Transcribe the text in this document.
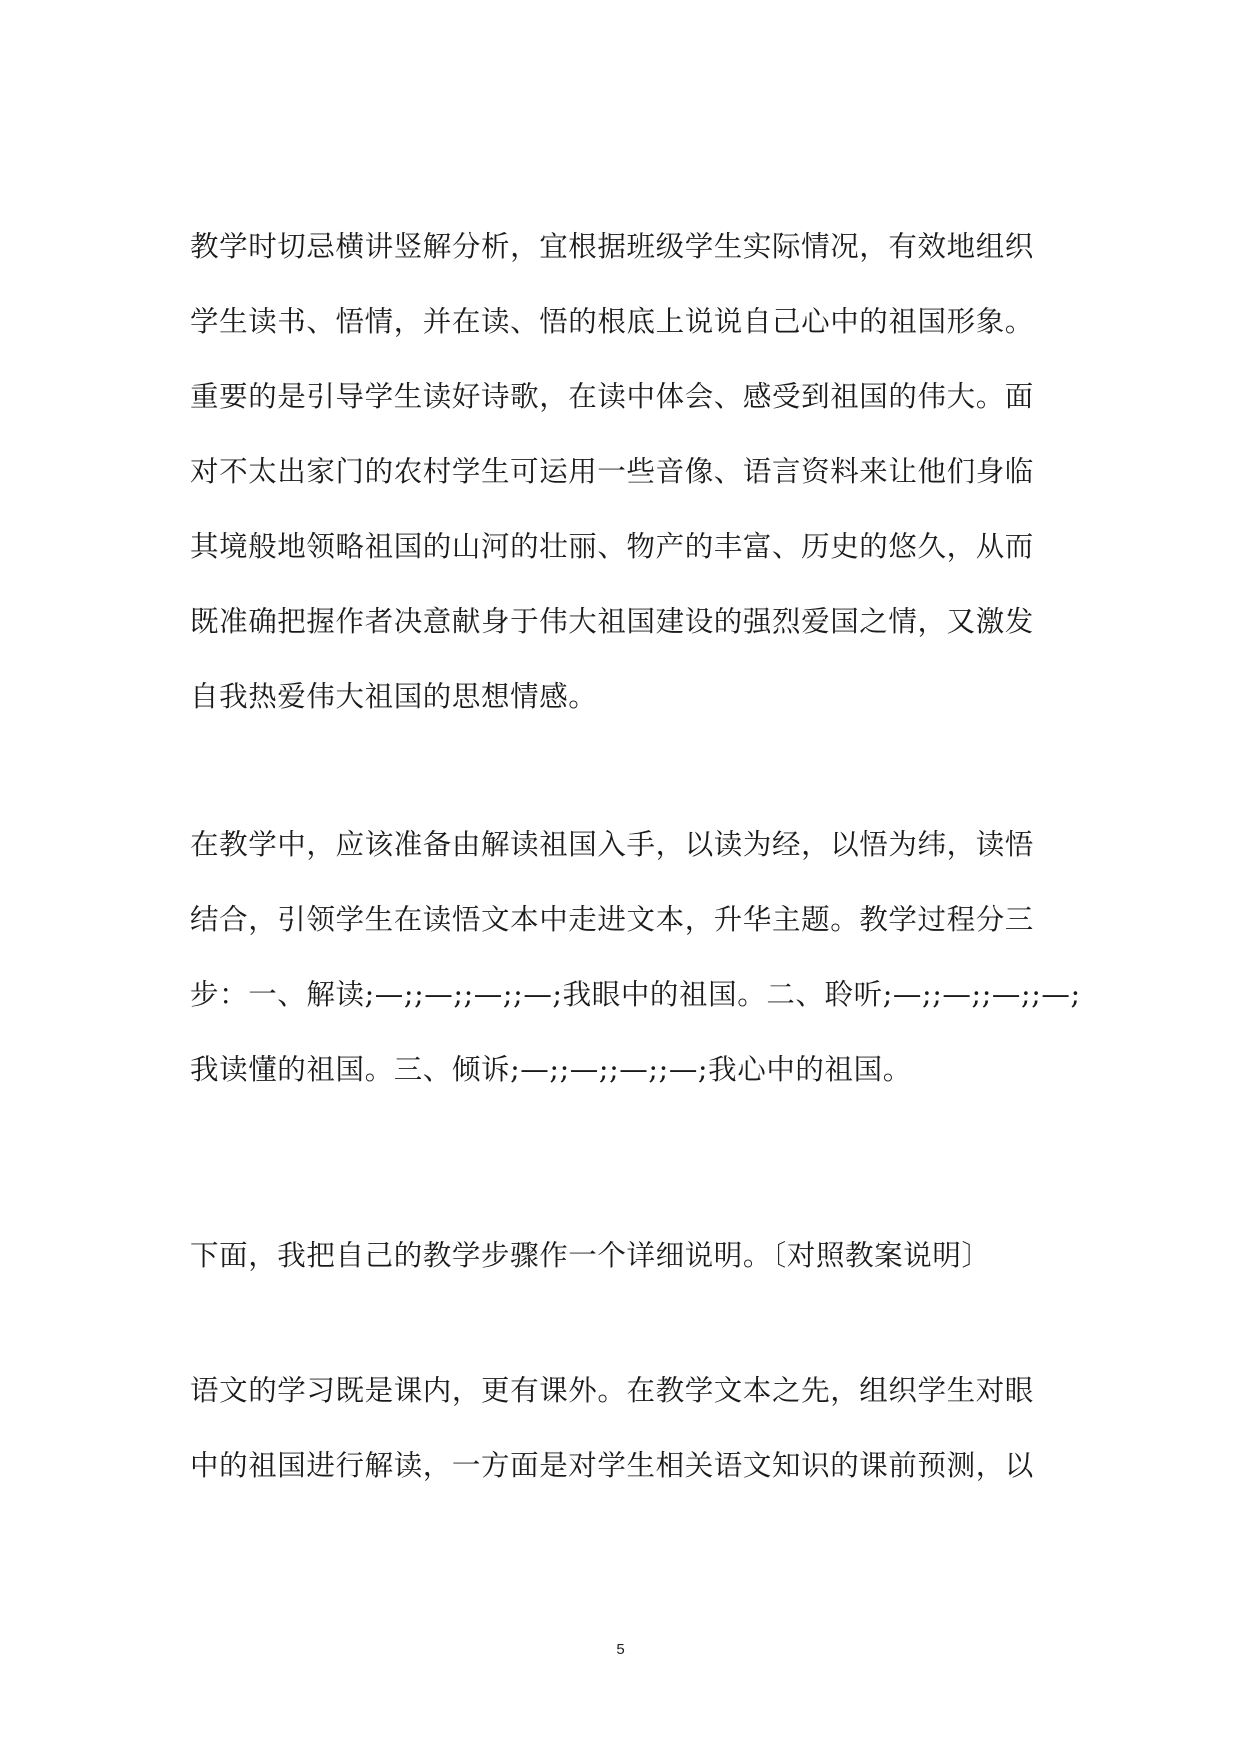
教学时切忌横讲竖解分析，宜根据班级学生实际情况，有效地组织
学生读书、悟情，并在读、悟的根底上说说自己心中的祖国形象。
重要的是引导学生读好诗歌，在读中体会、感受到祖国的伟大。面
对不太出家门的农村学生可运用一些音像、语言资料来让他们身临
其境般地领略祖国的山河的壮丽、物产的丰富、历史的悠久，从而
既准确把握作者决意献身于伟大祖国建设的强烈爱国之情，又激发
自我热爱伟大祖国的思想情感。

在教学中，应该准备由解读祖国入手，以读为经，以悟为纬，读悟
结合，引领学生在读悟文本中走进文本，升华主题。教学过程分三
步：一、解读;—;;—;;—;;—;我眼中的祖国。二、聆听;—;;—;;—;;—;
我读懂的祖国。三、倾诉;—;;—;;—;;—;我心中的祖国。

下面，我把自己的教学步骤作一个详细说明。〔对照教案说明〕

语文的学习既是课内，更有课外。在教学文本之先，组织学生对眼
中的祖国进行解读，一方面是对学生相关语文知识的课前预测，以

5
